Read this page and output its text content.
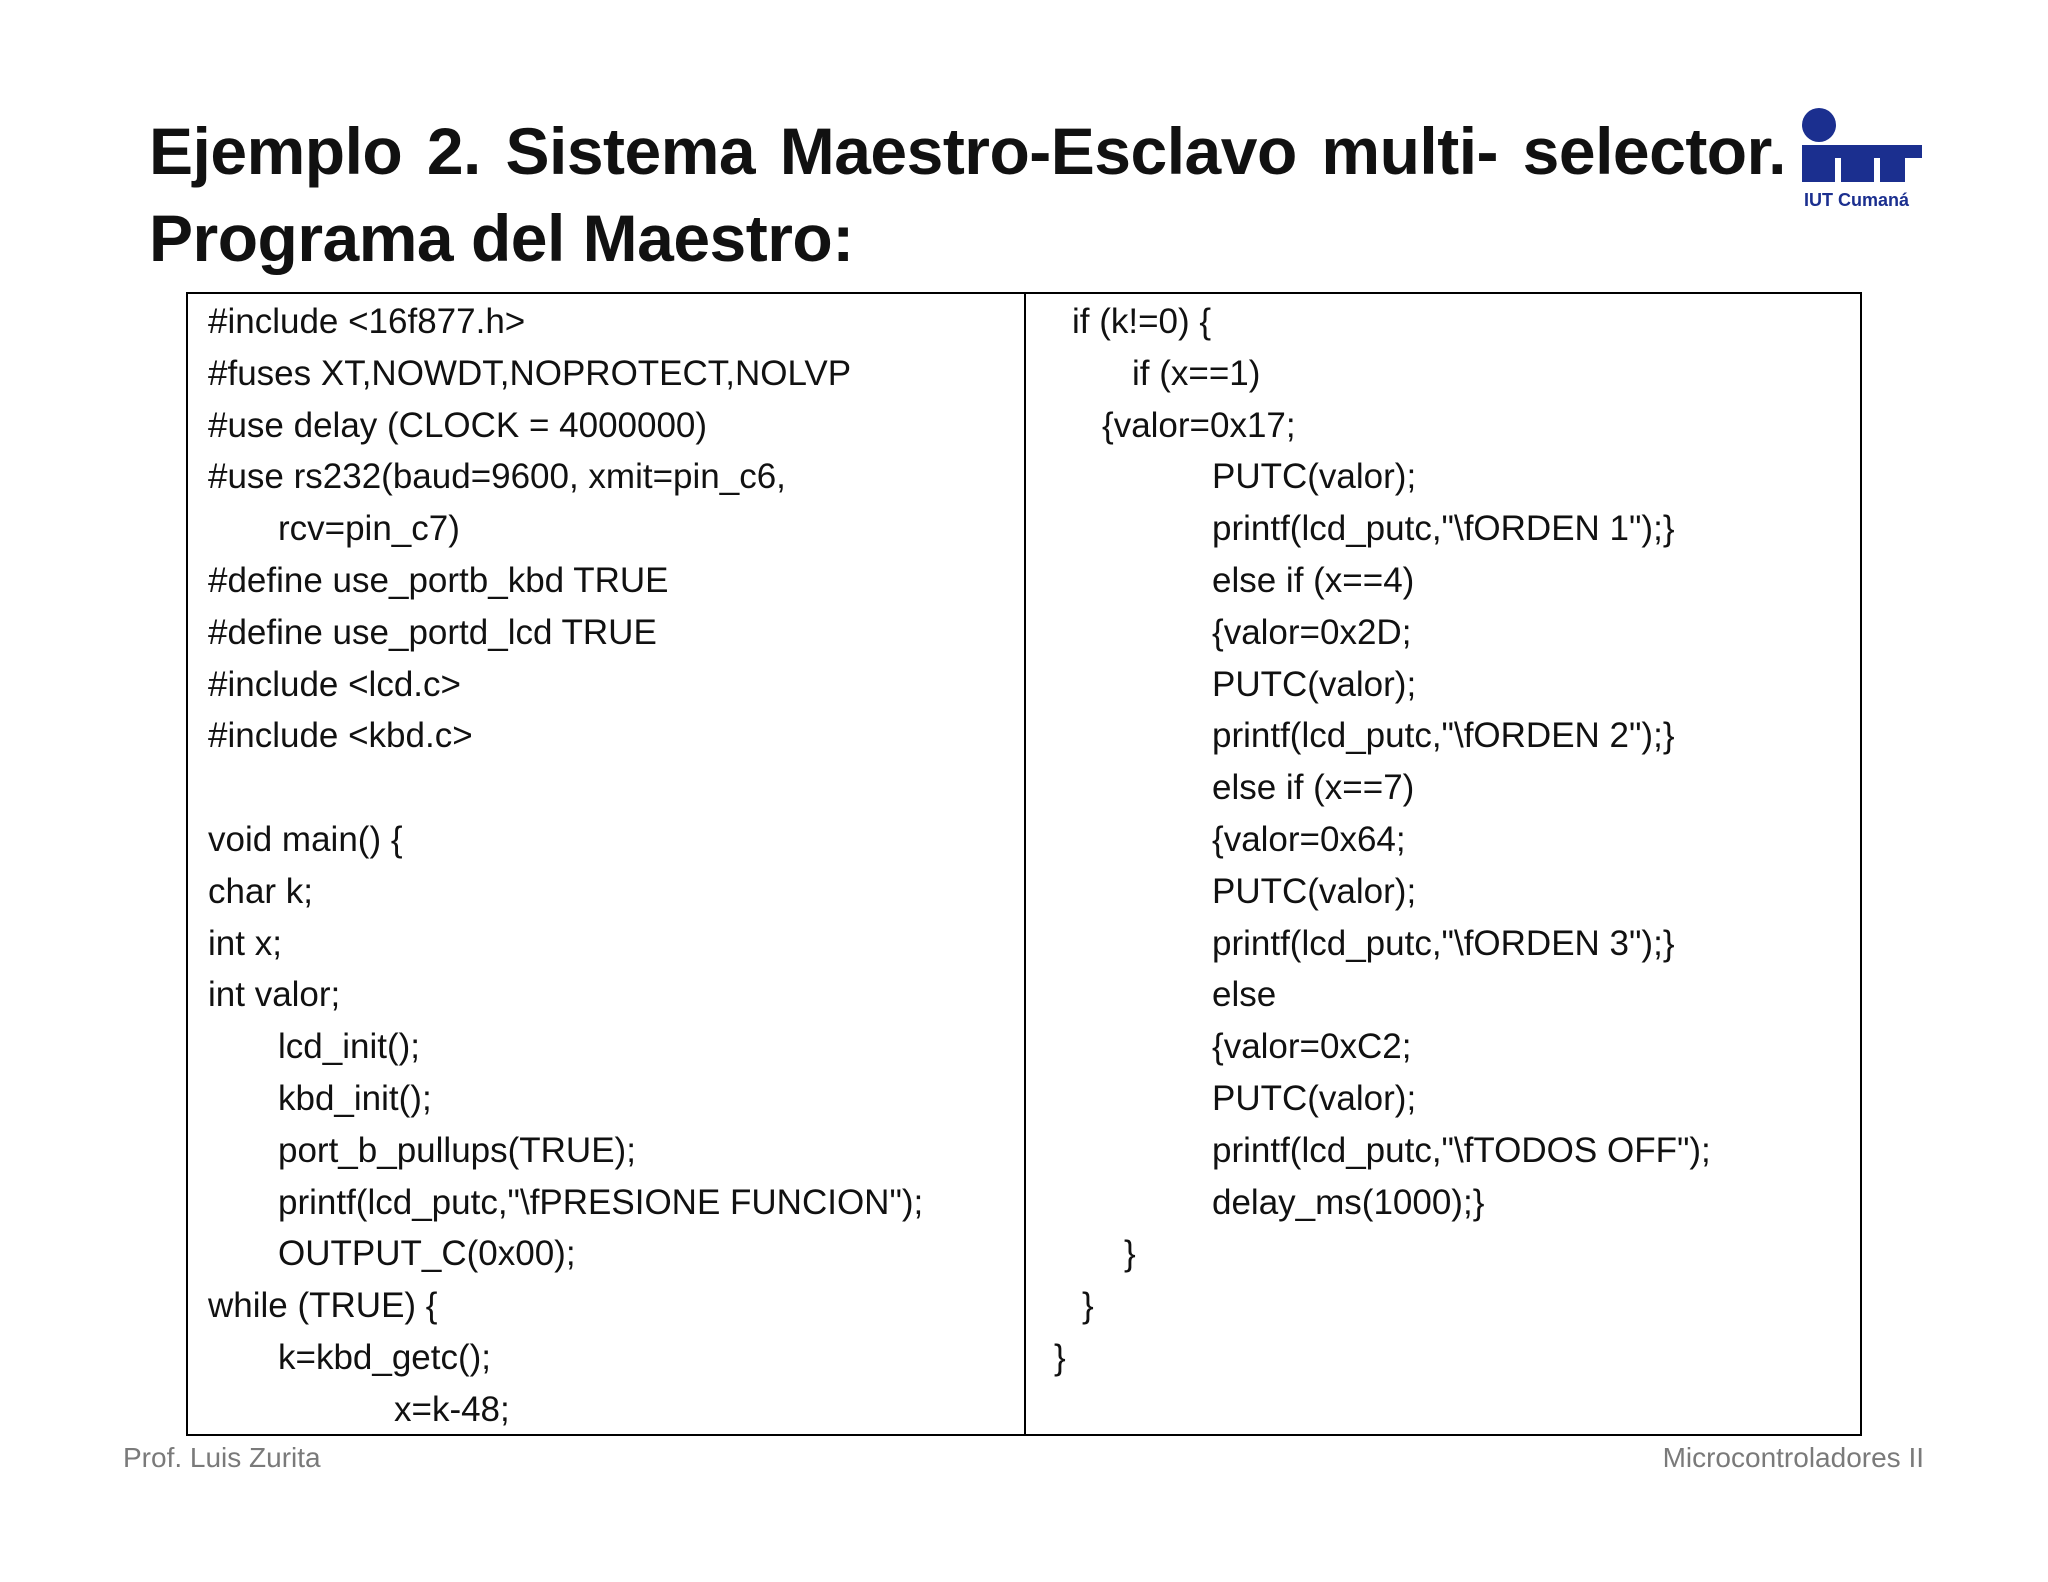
Ejemplo 2. Sistema Maestro-Esclavo multi- selector.
Programa del Maestro:
IUT Cumaná
#include <16f877.h>
#fuses XT,NOWDT,NOPROTECT,NOLVP
#use delay (CLOCK = 4000000)
#use rs232(baud=9600, xmit=pin_c6,
rcv=pin_c7)
#define use_portb_kbd TRUE
#define use_portd_lcd TRUE
#include <lcd.c>
#include <kbd.c>
void main() {
char k;
int x;
int valor;
lcd_init();
kbd_init();
port_b_pullups(TRUE);
printf(lcd_putc,"\fPRESIONE FUNCION");
OUTPUT_C(0x00);
while (TRUE) {
k=kbd_getc();
x=k-48;
if (k!=0) {
if (x==1)
{valor=0x17;
PUTC(valor);
printf(lcd_putc,"\fORDEN 1");}
else if (x==4)
{valor=0x2D;
PUTC(valor);
printf(lcd_putc,"\fORDEN 2");}
else if (x==7)
{valor=0x64;
PUTC(valor);
printf(lcd_putc,"\fORDEN 3");}
else
{valor=0xC2;
PUTC(valor);
printf(lcd_putc,"\fTODOS OFF");
delay_ms(1000);}
}
}
}
Prof. Luis Zurita	Microcontroladores II
